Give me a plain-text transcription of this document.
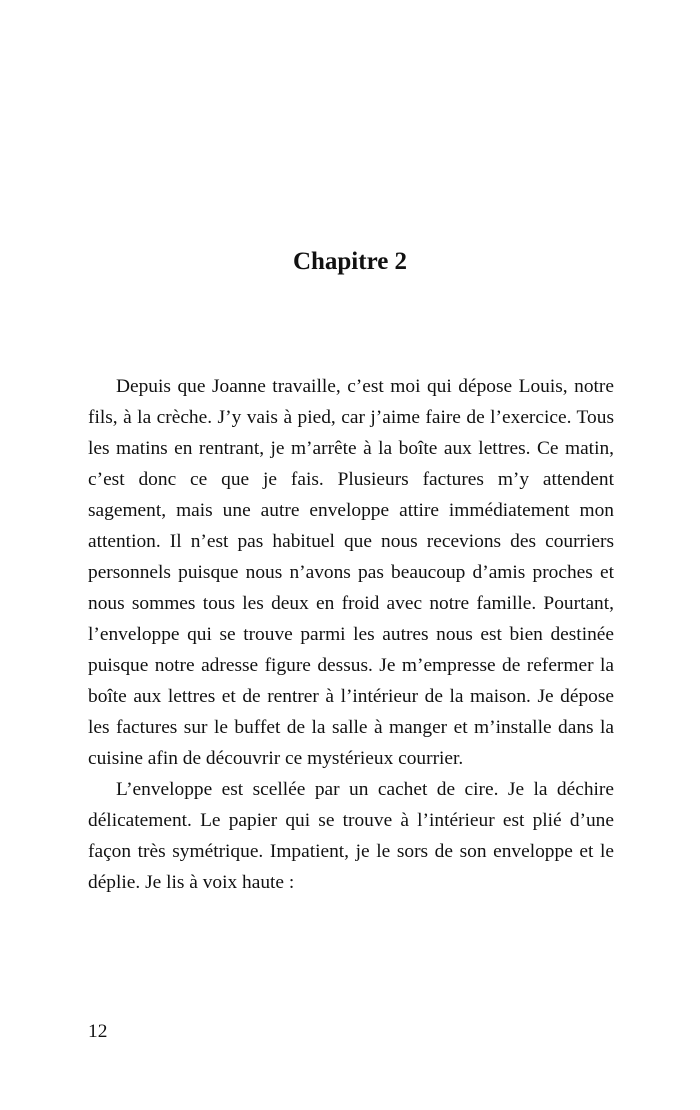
Chapitre 2

Depuis que Joanne travaille, c’est moi qui dépose Louis, notre fils, à la crèche. J’y vais à pied, car j’aime faire de l’exercice. Tous les matins en rentrant, je m’arrête à la boîte aux lettres. Ce matin, c’est donc ce que je fais. Plusieurs factures m’y attendent sagement, mais une autre enveloppe attire immédiatement mon attention. Il n’est pas habituel que nous recevions des courriers personnels puisque nous n’avons pas beaucoup d’amis proches et nous sommes tous les deux en froid avec notre famille. Pourtant, l’enveloppe qui se trouve parmi les autres nous est bien destinée puisque notre adresse figure dessus. Je m’empresse de refermer la boîte aux lettres et de rentrer à l’intérieur de la maison. Je dépose les factures sur le buffet de la salle à manger et m’installe dans la cuisine afin de découvrir ce mystérieux courrier.

L’enveloppe est scellée par un cachet de cire. Je la déchire délicatement. Le papier qui se trouve à l’intérieur est plié d’une façon très symétrique. Impatient, je le sors de son enveloppe et le déplie. Je lis à voix haute :

12
